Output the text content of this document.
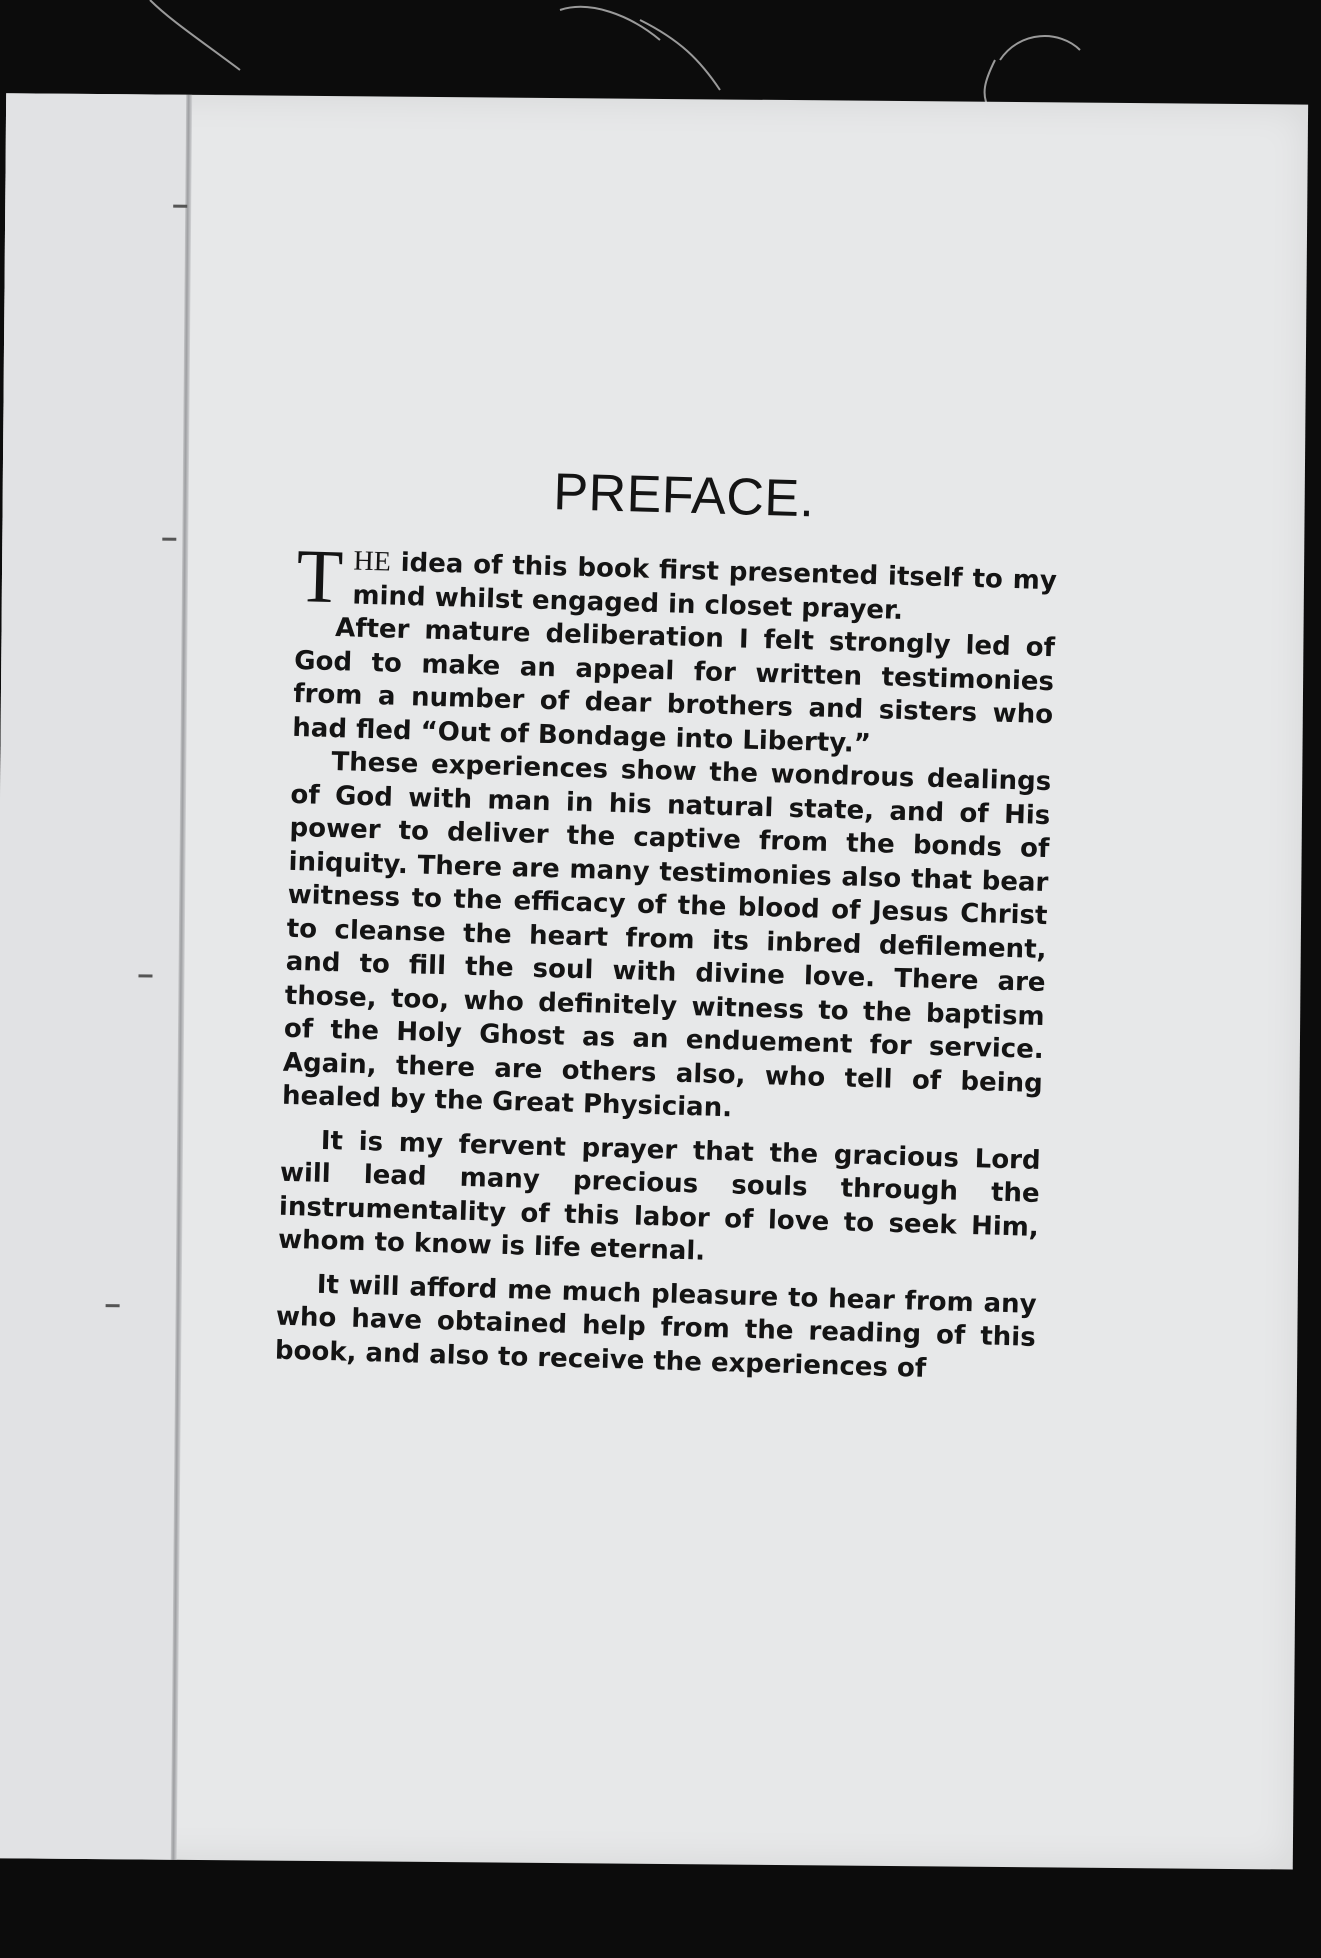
PREFACE.

THE idea of this book first presented itself to my mind whilst engaged in closet prayer.

After mature deliberation I felt strongly led of God to make an appeal for written testimonies from a number of dear brothers and sisters who had fled “Out of Bondage into Liberty.”

These experiences show the wondrous dealings of God with man in his natural state, and of His power to deliver the captive from the bonds of iniquity. There are many testimonies also that bear witness to the efficacy of the blood of Jesus Christ to cleanse the heart from its inbred defilement, and to fill the soul with divine love. There are those, too, who definitely witness to the baptism of the Holy Ghost as an enduement for service. Again, there are others also, who tell of being healed by the Great Physician.

It is my fervent prayer that the gracious Lord will lead many precious souls through the instrumentality of this labor of love to seek Him, whom to know is life eternal.

It will afford me much pleasure to hear from any who have obtained help from the reading of this book, and also to receive the experiences of
